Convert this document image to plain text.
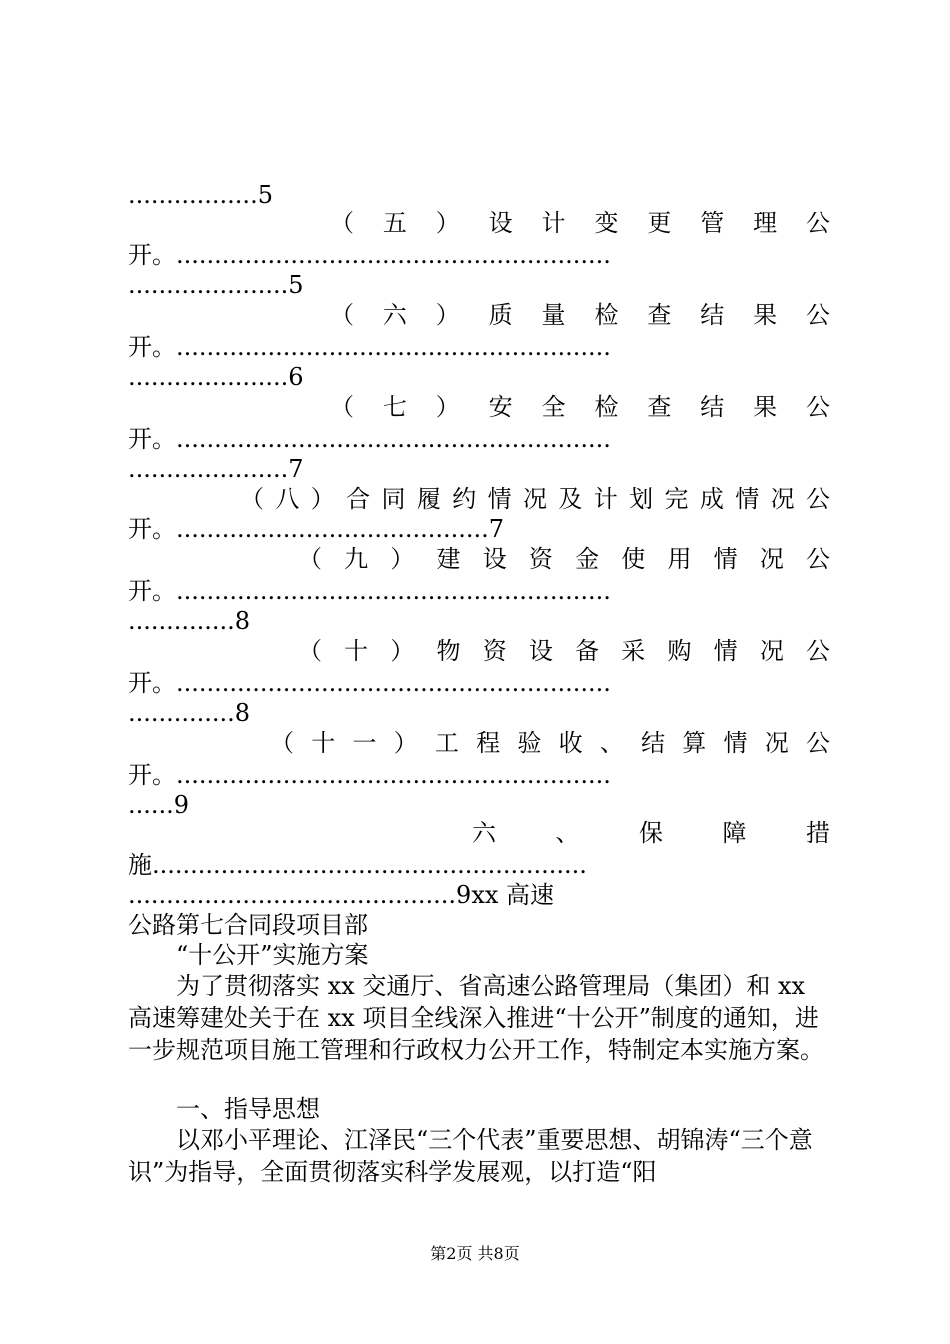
.................5
（五）设计变更管理公
开。.........................................................
.....................5
（六）质量检查结果公
开。.........................................................
.....................6
（七）安全检查结果公
开。.........................................................
.....................7
（八）合同履约情况及计划完成情况公
开。.........................................7
（九）建设资金使用情况公
开。.........................................................
..............8
（十）物资设备采购情况公
开。.........................................................
..............8
（十一）工程验收、结算情况公
开。.........................................................
......9
六、保障措
施.........................................................
...........................................9xx 高速
公路第七合同段项目部
“十公开”实施方案

为了贯彻落实 xx 交通厅、省高速公路管理局（集团）和 xx 高速筹建处关于在 xx 项目全线深入推进“十公开”制度的通知，进一步规范项目施工管理和行政权力公开工作，特制定本实施方案。

一、指导思想

以邓小平理论、江泽民“三个代表”重要思想、胡锦涛“三个意识”为指导，全面贯彻落实科学发展观，以打造“阳

第2页 共8页
